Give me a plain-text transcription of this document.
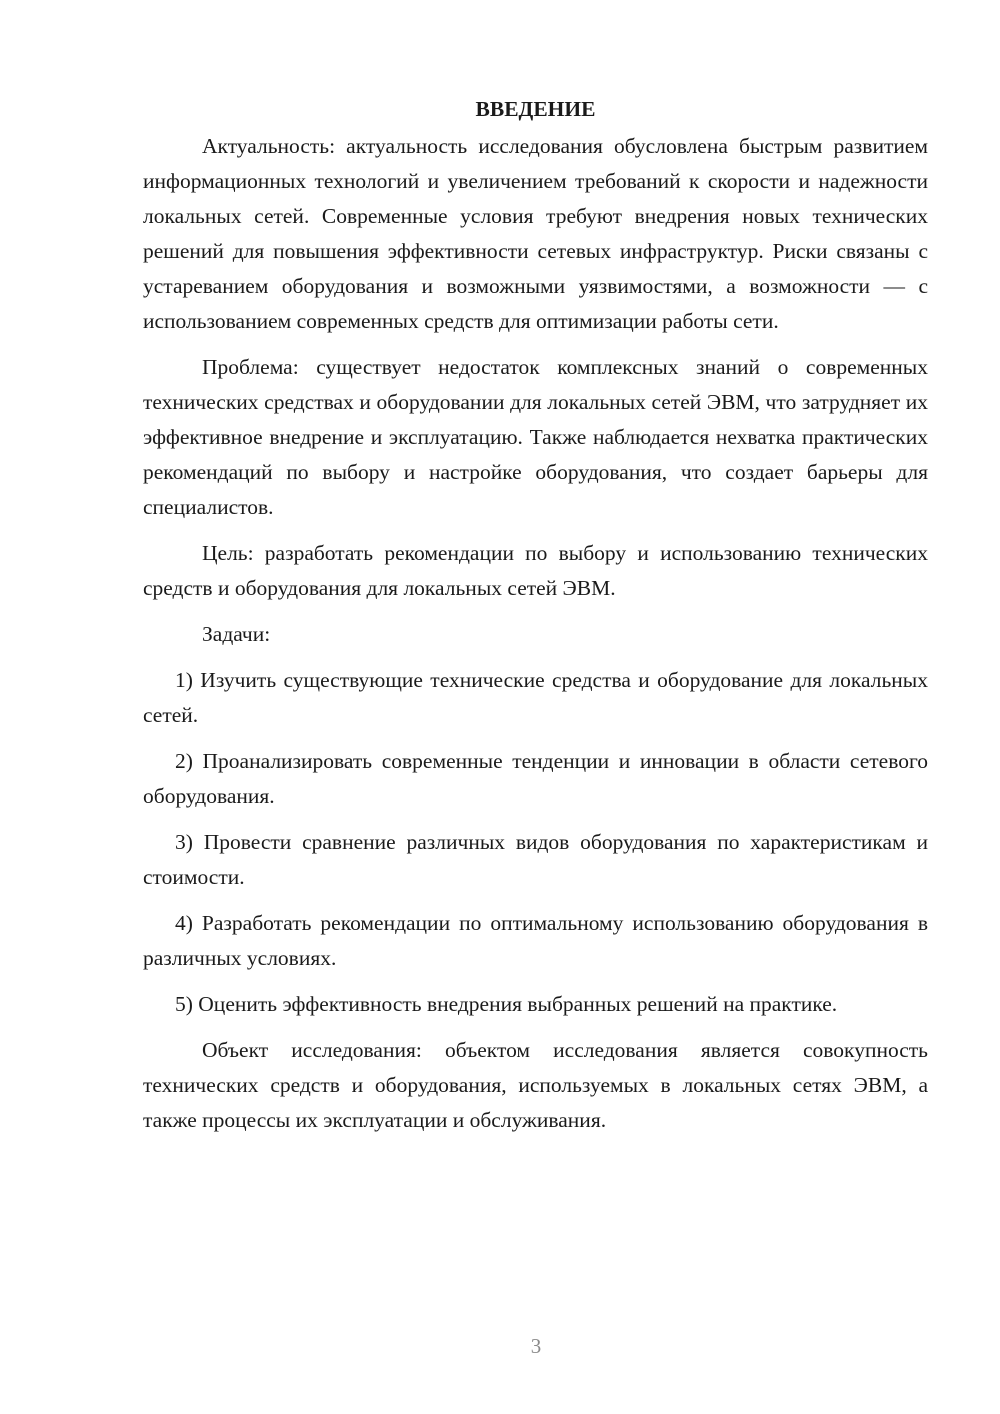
ВВЕДЕНИЕ

Актуальность: актуальность исследования обусловлена быстрым развитием информационных технологий и увеличением требований к скорости и надежности локальных сетей. Современные условия требуют внедрения новых технических решений для повышения эффективности сетевых инфраструктур. Риски связаны с устареванием оборудования и возможными уязвимостями, а возможности — с использованием современных средств для оптимизации работы сети.

Проблема: существует недостаток комплексных знаний о современных технических средствах и оборудовании для локальных сетей ЭВМ, что затрудняет их эффективное внедрение и эксплуатацию. Также наблюдается нехватка практических рекомендаций по выбору и настройке оборудования, что создает барьеры для специалистов.

Цель: разработать рекомендации по выбору и использованию технических средств и оборудования для локальных сетей ЭВМ.

Задачи:

1) Изучить существующие технические средства и оборудование для локальных сетей.

2) Проанализировать современные тенденции и инновации в области сетевого оборудования.

3) Провести сравнение различных видов оборудования по характеристикам и стоимости.

4) Разработать рекомендации по оптимальному использованию оборудования в различных условиях.

5) Оценить эффективность внедрения выбранных решений на практике.

Объект исследования: объектом исследования является совокупность технических средств и оборудования, используемых в локальных сетях ЭВМ, а также процессы их эксплуатации и обслуживания.

3
